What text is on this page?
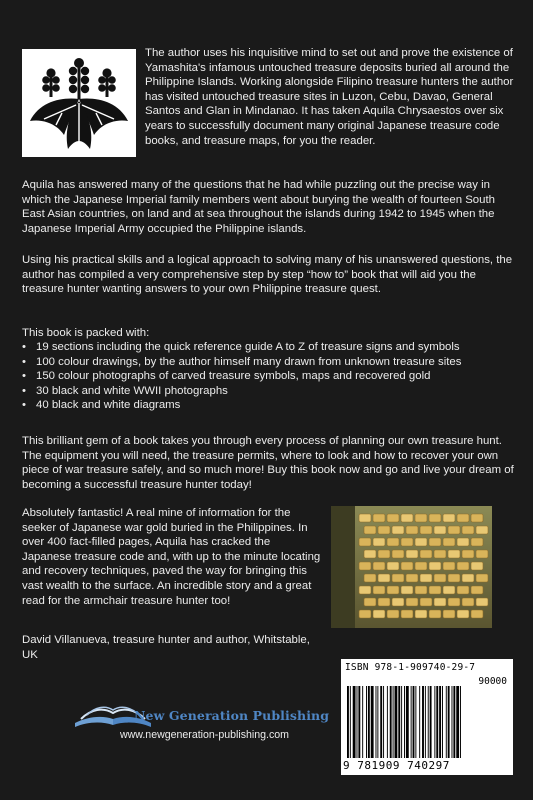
The author uses his inquisitive mind to set out and prove the existence of Yamashita's infamous untouched treasure deposits buried all around the Philippine Islands. Working alongside Filipino treasure hunters the author has visited untouched treasure sites in Luzon, Cebu, Davao, General Santos and Glan in Mindanao. It has taken Aquila Chrysaestos over six years to successfully document many original Japanese treasure code books, and treasure maps, for you the reader.
Aquila has answered many of the questions that he had while puzzling out the precise way in which the Japanese Imperial family members went about burying the wealth of fourteen South East Asian countries, on land and at sea throughout the islands during 1942 to 1945 when the Japanese Imperial Army occupied the Philippine islands.
Using his practical skills and a logical approach to solving many of his unanswered questions, the author has compiled a very comprehensive step by step “how to” book that will aid you the treasure hunter wanting answers to your own Philippine treasure quest.
This book is packed with:
• 19 sections including the quick reference guide A to Z of treasure signs and symbols
• 100 colour drawings, by the author himself many drawn from unknown treasure sites
• 150 colour photographs of carved treasure symbols, maps and recovered gold
• 30 black and white WWII photographs
• 40 black and white diagrams
This brilliant gem of a book takes you through every process of planning our own treasure hunt. The equipment you will need, the treasure permits, where to look and how to recover your own piece of war treasure safely, and so much more! Buy this book now and go and live your dream of becoming a successful treasure hunter today!
Absolutely fantastic! A real mine of information for the seeker of Japanese war gold buried in the Philippines. In over 400 fact-filled pages, Aquila has cracked the Japanese treasure code and, with up to the minute locating and recovery techniques, paved the way for bringing this vast wealth to the surface. An incredible story and a great read for the armchair treasure hunter too!
David Villanueva, treasure hunter and author, Whitstable, UK
New Generation Publishing
www.newgeneration-publishing.com
ISBN 978-1-909740-29-7
90000
9 781909 740297
